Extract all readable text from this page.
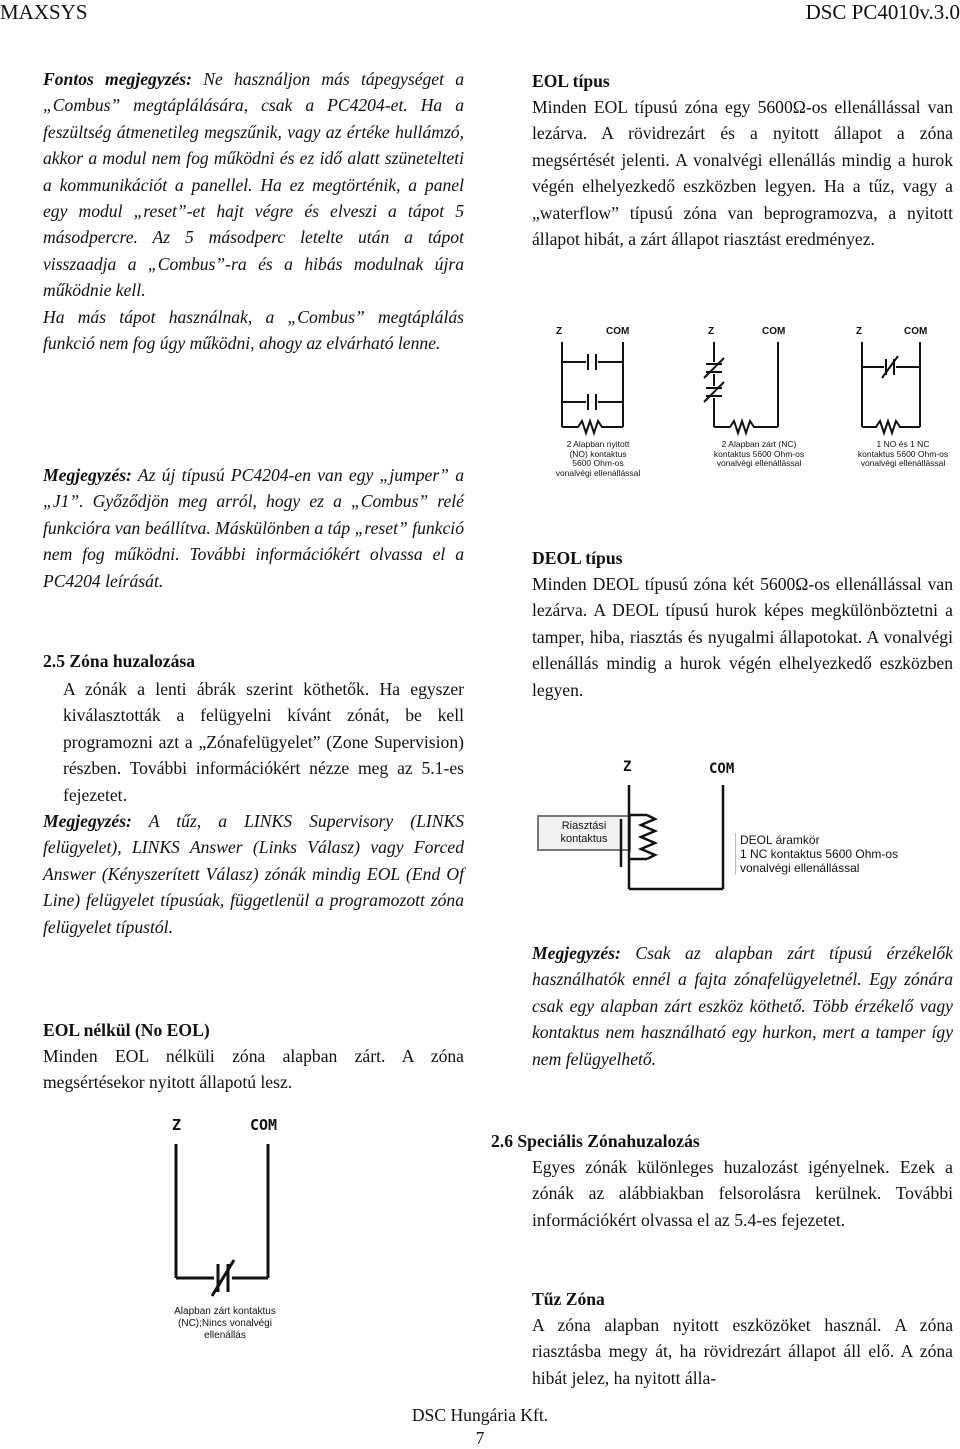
MAXSYS	DSC PC4010v.3.0

Fontos megjegyzés: Ne használjon más tápegységet a „Combus” megtáplálására, csak a PC4204-et. Ha a feszültség átmenetileg megszűnik, vagy az értéke hullámzó, akkor a modul nem fog működni és ez idő alatt szünetelteti a kommunikációt a panellel. Ha ez megtörténik, a panel egy modul „reset”-et hajt végre és elveszi a tápot 5 másodpercre. Az 5 másodperc letelte után a tápot visszaadja a „Combus”-ra és a hibás modulnak újra működnie kell.

Ha más tápot használnak, a „Combus” megtáplálás funkció nem fog úgy működni, ahogy az elvárható lenne.

Megjegyzés: Az új típusú PC4204-en van egy „jumper” a „J1”. Győződjön meg arról, hogy ez a „Combus” relé funkcióra van beállítva. Máskülönben a táp „reset” funkció nem fog működni. További információkért olvassa el a PC4204 leírását.

2.5 Zóna huzalozása

A zónák a lenti ábrák szerint köthetők. Ha egyszer kiválasztották a felügyelni kívánt zónát, be kell programozni azt a „Zónafelügyelet” (Zone Supervision) részben. További információkért nézze meg az 5.1-es fejezetet.

Megjegyzés: A tűz, a LINKS Supervisory (LINKS felügyelet), LINKS Answer (Links Válasz) vagy Forced Answer (Kényszerített Válasz) zónák mindig EOL (End Of Line) felügyelet típusúak, függetlenül a programozott zóna felügyelet típustól.

EOL nélkül (No EOL)
Minden EOL nélküli zóna alapban zárt. A zóna megsértésekor nyitott állapotú lesz.
Z	COM
Alapban zárt kontaktus
(NC);Nincs vonalvégi
ellenállás
EOL típus
Minden EOL típusú zóna egy 5600Ω-os ellenállással van lezárva. A rövidrezárt és a nyitott állapot a zóna megsértését jelenti. A vonalvégi ellenállás mindig a hurok végén elhelyezkedő eszközben legyen. Ha a tűz, vagy a „waterflow” típusú zóna van beprogramozva, a nyitott állapot hibát, a zárt állapot riasztást eredményez.
Z	COM
2 Alapban nyitott
(NO) kontaktus
5600 Ohm-os
vonalvégi ellenállással
Z	COM
2 Alapban zárt (NC)
kontaktus 5600 Ohm-os
vonalvégi ellenállással
Z	COM
1 NO és 1 NC
kontaktus 5600 Ohm-os
vonalvégi ellenállással
DEOL típus
Minden DEOL típusú zóna két 5600Ω-os ellenállással van lezárva. A DEOL típusú hurok képes megkülönböztetni a tamper, hiba, riasztás és nyugalmi állapotokat. A vonalvégi ellenállás mindig a hurok végén elhelyezkedő eszközben legyen.
Z	COM
Riasztási
kontaktus	DEOL áramkör
1 NC kontaktus 5600 Ohm-os
vonalvégi ellenállással

Megjegyzés: Csak az alapban zárt típusú érzékelők használhatók ennél a fajta zónafelügyeletnél. Egy zónára csak egy alapban zárt eszköz köthető. Több érzékelő vagy kontaktus nem használható egy hurkon, mert a tamper így nem felügyelhető.

2.6 Speciális Zónahuzalozás
Egyes zónák különleges huzalozást igényelnek. Ezek a zónák az alábbiakban felsorolásra kerülnek. További információkért olvassa el az 5.4-es fejezetet.
Tűz Zóna
A zóna alapban nyitott eszközöket használ. A zóna riasztásba megy át, ha rövidrezárt állapot áll elő. A zóna hibát jelez, ha nyitott álla-
DSC Hungária Kft.
7
